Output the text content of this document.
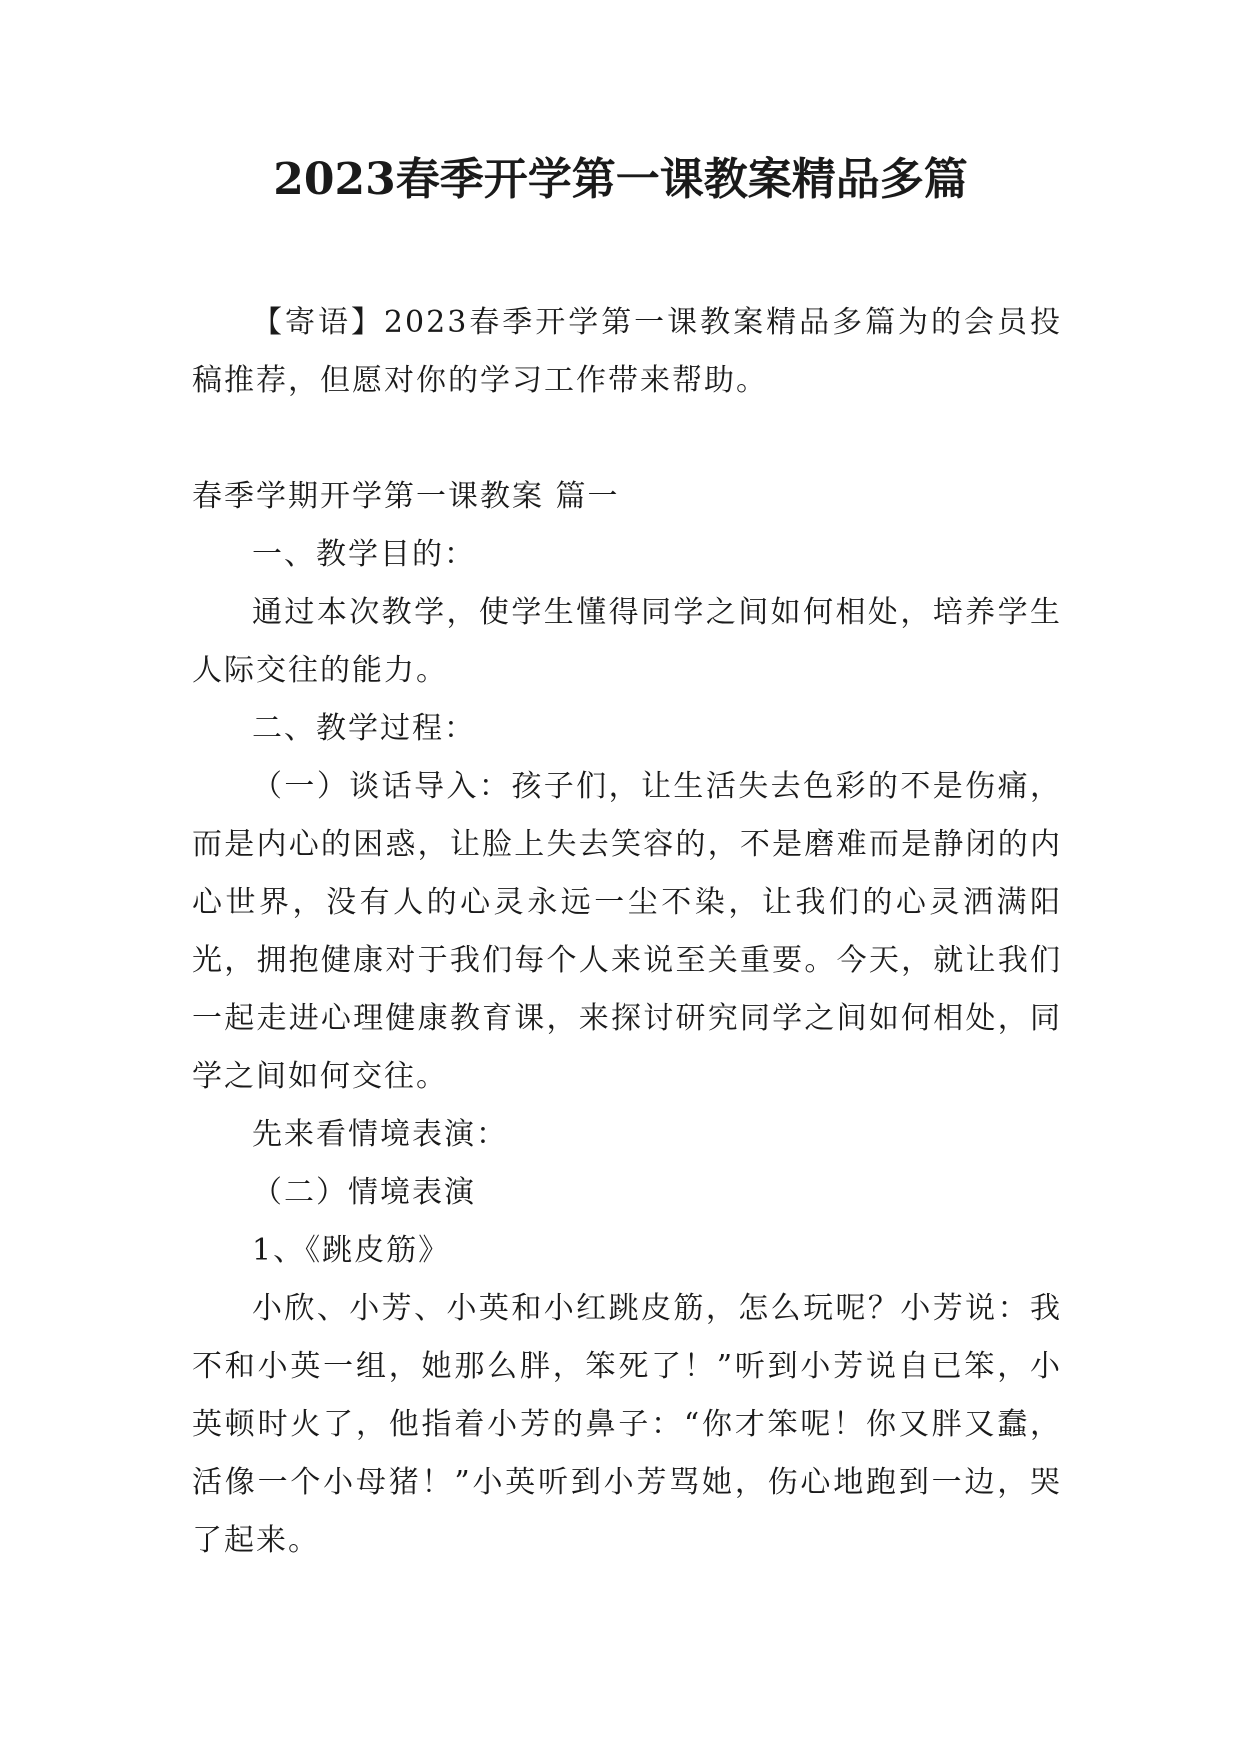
2023春季开学第一课教案精品多篇

【寄语】2023春季开学第一课教案精品多篇为的会员投稿推荐，但愿对你的学习工作带来帮助。

春季学期开学第一课教案 篇一

一、教学目的：

通过本次教学，使学生懂得同学之间如何相处，培养学生人际交往的能力。

二、教学过程：

（一）谈话导入：孩子们，让生活失去色彩的不是伤痛，而是内心的困惑，让脸上失去笑容的，不是磨难而是静闭的内心世界，没有人的心灵永远一尘不染，让我们的心灵洒满阳光，拥抱健康对于我们每个人来说至关重要。今天，就让我们一起走进心理健康教育课，来探讨研究同学之间如何相处，同学之间如何交往。

先来看情境表演：

（二）情境表演

1、《跳皮筋》

小欣、小芳、小英和小红跳皮筋，怎么玩呢？小芳说：我不和小英一组，她那么胖，笨死了！”听到小芳说自已笨，小英顿时火了，他指着小芳的鼻子：“你才笨呢！你又胖又蠢，活像一个小母猪！”小英听到小芳骂她，伤心地跑到一边，哭了起来。
